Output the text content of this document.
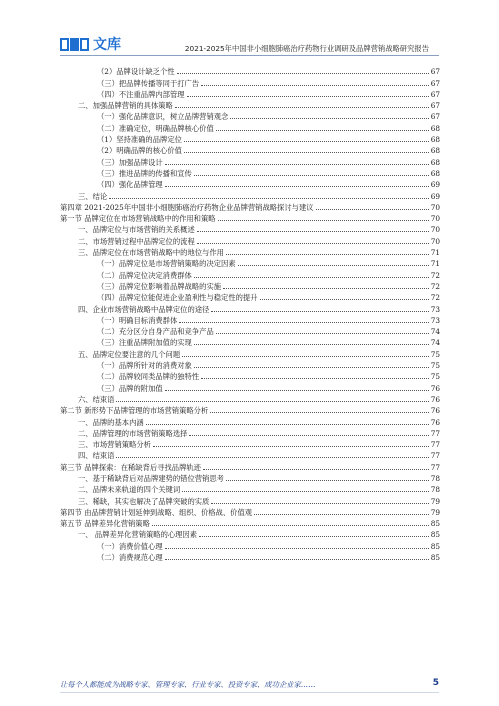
文库	2021-2025年中国非小细胞肺癌治疗药物行业调研及品牌营销战略研究报告
（2）品牌设计缺乏个性	67
（三）把品牌传播等同于打广告	67
（四）不注重品牌内部管理	67
二、加强品牌营销的具体策略	67
（一）强化品牌意识，树立品牌营销观念	67
（二）准确定位，明确品牌核心价值	68
（1）坚持准确的品牌定位	68
（2）明确品牌的核心价值	68
（三）加强品牌设计	68
（三）推进品牌的传播和宣传	68
（四）强化品牌管理	69
三、结论	69
第四章 2021-2025年中国非小细胞肺癌治疗药物企业品牌营销战略探讨与建议	70
第一节 品牌定位在市场营销战略中的作用和策略	70
一、品牌定位与市场营销的关系概述	70
二、市场营销过程中品牌定位的流程	70
三、品牌定位在市场营销战略中的地位与作用	71
（一）品牌定位是市场营销策略的决定因素	71
（二）品牌定位决定消费群体	72
（三）品牌定位影响着品牌战略的实施	72
（四）品牌定位能促进企业盈利性与稳定性的提升	72
四、企业市场营销战略中品牌定位的途径	73
（一）明确目标消费群体	73
（二）充分区分自身产品和竞争产品	74
（三）注重品牌附加值的实现	74
五、品牌定位要注意的几个问题	75
（一）品牌所针对的消费对象	75
（二）品牌较同类品牌的独特性	75
（三）品牌的附加值	76
六、结束语	76
第二节 新形势下品牌管理的市场营销策略分析	76
一、品牌的基本内涵	76
二、品牌管理的市场营销策略选择	77
三、市场营销策略分析	77
四、结束语	77
第三节 品牌探索：在稀缺背后寻找品牌轨迹	77
一、基于稀缺背后对品牌建势的错位营销思考	78
二、品牌未来轨道的四个关键词	78
三、稀缺，其实也解决了品牌突破的实质	79
第四节 由品牌营销计划延伸到战略、组织、价格战、价值观	79
第五节 品牌差异化营销策略	85
一、 品牌差异化营销策略的心理因素	85
（一）消费价值心理	85
（二）消费规范心理	85
让每个人都能成为战略专家、管理专家、行业专家、投资专家、成功企业家……	5
